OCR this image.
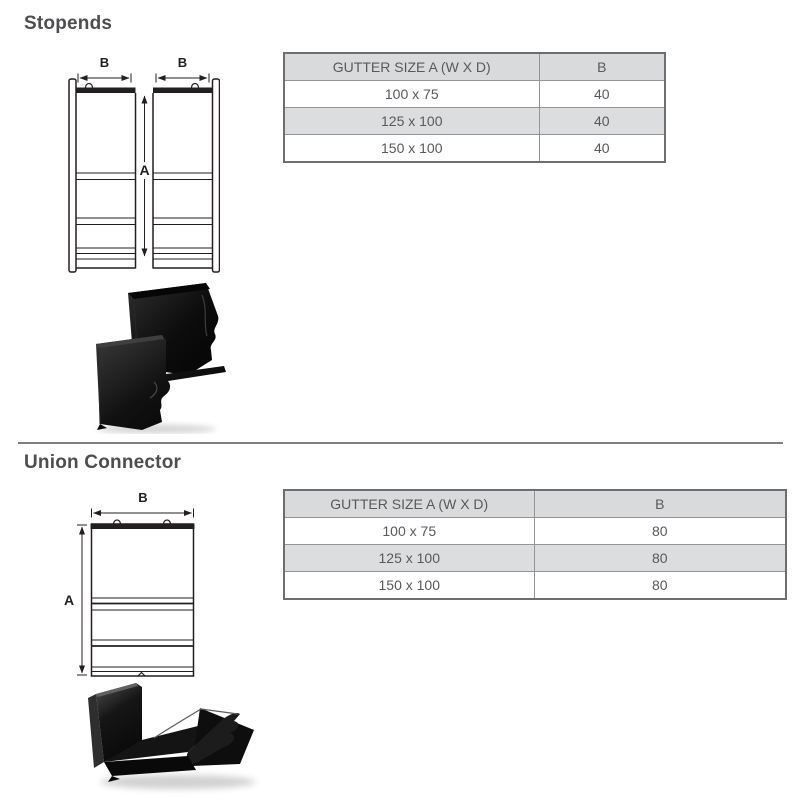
Stopends
B	B
A
GUTTER SIZE A (W X D)	B
100 x 75	40
125 x 100	40
150 x 100	40
Union Connector
B
A
GUTTER SIZE A (W X D)	B
100 x 75	80
125 x 100	80
150 x 100	80
